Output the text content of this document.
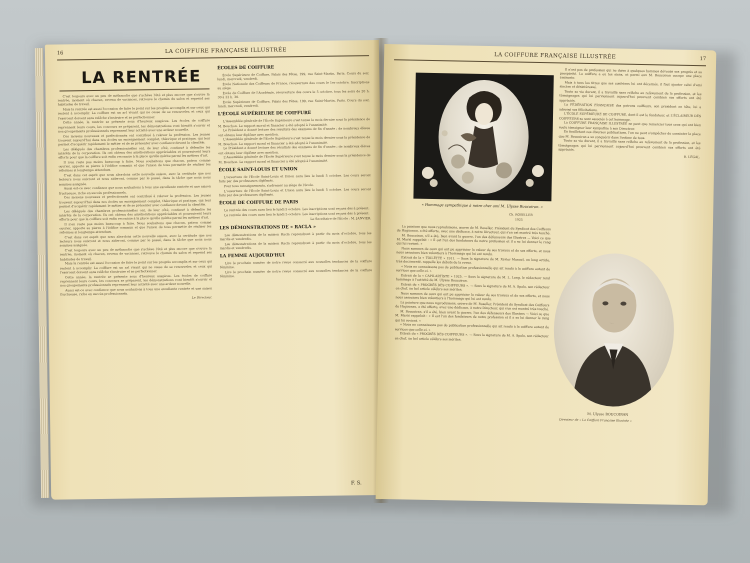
16	LA COIFFURE FRANÇAISE ILLUSTRÉE
LA RENTRÉE

C'est toujours avec un peu de mélancolie que s'achève l'été et plus encore que s'ouvre la rentrée, moment où chacun, revenu de vacances, retrouve le chemin du salon et reprend ses habitudes de travail.

Mais la rentrée est aussi l'occasion de faire le point sur les progrès accomplis et sur ceux qui restent à accomplir. La coiffure est un art vivant qui ne cesse de se renouveler, et ceux qui l'exercent doivent sans relâche s'instruire et se perfectionner.

Cette année, la rentrée se présente sous d'heureux auspices. Les écoles de coiffure reprennent leurs cours, les concours se préparent, les démonstrations vont bientôt s'ouvrir et nos groupements professionnels reprennent leur activité avec une ardeur nouvelle.

Ces moyens nouveaux et perfectionnés ont contribué à relever la profession. Les jeunes trouvent aujourd'hui dans nos écoles un enseignement complet, théorique et pratique, qui leur permet d'acquérir rapidement le métier et de se présenter avec confiance devant la clientèle.

Les délégués des chambres professionnelles ont, de leur côté, continué à défendre les intérêts de la corporation. Ils ont obtenu des améliorations appréciables et poursuivent leurs efforts pour que la coiffure soit enfin reconnue à la place qu'elle mérite parmi les métiers d'art.

Il n'en reste pas moins beaucoup à faire. Nous souhaitons que chacun, patron comme ouvrier, apporte sa pierre à l'édifice commun et que l'union de tous permette de réaliser les réformes si longtemps attendues.

C'est dans cet esprit que nous abordons cette nouvelle saison, avec la certitude que nos lecteurs nous suivront et nous aideront, comme par le passé, dans la tâche que nous nous sommes assignée.

Aussi est-ce avec confiance que nous souhaitons à tous une excellente rentrée et une saison fructueuse, riche en succès professionnels.

Ces moyens nouveaux et perfectionnés ont contribué à relever la profession. Les jeunes trouvent aujourd'hui dans nos écoles un enseignement complet, théorique et pratique, qui leur permet d'acquérir rapidement le métier et de se présenter avec confiance devant la clientèle.

Les délégués des chambres professionnelles ont, de leur côté, continué à défendre les intérêts de la corporation. Ils ont obtenu des améliorations appréciables et poursuivent leurs efforts pour que la coiffure soit enfin reconnue à la place qu'elle mérite parmi les métiers d'art.

Il n'en reste pas moins beaucoup à faire. Nous souhaitons que chacun, patron comme ouvrier, apporte sa pierre à l'édifice commun et que l'union de tous permette de réaliser les réformes si longtemps attendues.

C'est dans cet esprit que nous abordons cette nouvelle saison, avec la certitude que nos lecteurs nous suivront et nous aideront, comme par le passé, dans la tâche que nous nous sommes assignée.

C'est toujours avec un peu de mélancolie que s'achève l'été et plus encore que s'ouvre la rentrée, moment où chacun, revenu de vacances, retrouve le chemin du salon et reprend ses habitudes de travail.

Mais la rentrée est aussi l'occasion de faire le point sur les progrès accomplis et sur ceux qui restent à accomplir. La coiffure est un art vivant qui ne cesse de se renouveler, et ceux qui l'exercent doivent sans relâche s'instruire et se perfectionner.

Cette année, la rentrée se présente sous d'heureux auspices. Les écoles de coiffure reprennent leurs cours, les concours se préparent, les démonstrations vont bientôt s'ouvrir et nos groupements professionnels reprennent leur activité avec une ardeur nouvelle.

Aussi est-ce avec confiance que nous souhaitons à tous une excellente rentrée et une saison fructueuse, riche en succès professionnels.

Le Directeur.

ÉCOLES DE COIFFURE

École Supérieure de Coiffure, Palais des Fêtes, 199, rue Saint-Martin, Paris. Cours du soir, lundi, mercredi, vendredi.

École Nationale des Coiffeurs de France, réouverture des cours le 1er octobre. Inscriptions au siège.

École de Coiffure de l'Académie, réouverture des cours le 5 octobre, tous les soirs de 20 h. 30 à 22 h. 30.

École Supérieure de Coiffure, Palais des Fêtes, 199, rue Saint-Martin, Paris. Cours du soir, lundi, mercredi, vendredi.

L'ÉCOLE SUPÉRIEURE DE COIFFURE

L'Assemblée générale de l'École Supérieure s'est tenue le mois dernier sous la présidence de M. Bouchon. Le rapport moral et financier a été adopté à l'unanimité.

Le Président a donné lecture des résultats des examens de fin d'année ; de nombreux élèves ont obtenu leur diplôme avec mention.

L'Assemblée générale de l'École Supérieure s'est tenue le mois dernier sous la présidence de M. Bouchon. Le rapport moral et financier a été adopté à l'unanimité.

Le Président a donné lecture des résultats des examens de fin d'année ; de nombreux élèves ont obtenu leur diplôme avec mention.

L'Assemblée générale de l'École Supérieure s'est tenue le mois dernier sous la présidence de M. Bouchon. Le rapport moral et financier a été adopté à l'unanimité.

ÉCOLE SAINT-LOUIS ET UNION

L'ouverture de l'École Saint-Louis et Union aura lieu le lundi 5 octobre. Les cours seront faits par des professeurs diplômés.

Pour tous renseignements, s'adresser au siège de l'école.

L'ouverture de l'École Saint-Louis et Union aura lieu le lundi 5 octobre. Les cours seront faits par des professeurs diplômés.

ÉCOLE DE COIFFURE DE PARIS

La rentrée des cours aura lieu le lundi 5 octobre. Les inscriptions sont reçues dès à présent.

La rentrée des cours aura lieu le lundi 5 octobre. Les inscriptions sont reçues dès à présent.

Le Secrétaire de l'École : M. JANVIER.

LES DÉMONSTRATIONS DE « RACLA »

Les démonstrations de la maison Racla reprendront à partir du mois d'octobre, tous les mardis et vendredis.

Les démonstrations de la maison Racla reprendront à partir du mois d'octobre, tous les mardis et vendredis.

LA FEMME AUJOURD'HUI

Lire le prochain numéro de notre revue consacré aux nouvelles tendances de la coiffure féminine.

Lire le prochain numéro de notre revue consacré aux nouvelles tendances de la coiffure féminine.

F. S.
LA COIFFURE FRANÇAISE ILLUSTRÉE	17
« Hommage sympathique à notre cher ami M. Ulysse Boucoiran. »
Ch. ROSELLER
1925

La peinture que nous reproduisons, œuvre de M. Roseller, Président du Syndicat des Coiffeurs de Haguenau, a été offerte, avec une dédicace, à notre Directeur, qui s'en est montré très touché.

M. Boucoiran, s'il a été, bien avant la guerre, l'un des défenseurs des Illustres — Voici ce que M. Marié rappelait : « Il est l'un des fondateurs de notre profession et il a su lui donner le rang qui lui revient. »

Nous sommes de ceux qui ont pu apprécier la valeur de ses travaux et de ses efforts, et nous nous associons bien volontiers à l'hommage qui lui est rendu.

Extrait de la « TOILETTE » 1911. — Sous la signature de M. Xavier Manuel, un long article, très documenté, rappelle les débuts de la revue.

« Nous ne connaissons pas de publication professionnelle qui ait rendu à la coiffure autant de services que celle-ci. »

Extrait de la « CAPILARTISTE » 1925. — Sous la signature de M. L. Long, le rédacteur rend hommage à l'activité de M. Ulysse Boucoiran.

Extrait du « PROGRÈS DES COIFFEURS ». — Sous la signature de M. A. Spala, son rédacteur en chef, un bel article célèbre ses mérites.

Nous sommes de ceux qui ont pu apprécier la valeur de ses travaux et de ses efforts, et nous nous associons bien volontiers à l'hommage qui lui est rendu.

La peinture que nous reproduisons, œuvre de M. Roseller, Président du Syndicat des Coiffeurs de Haguenau, a été offerte, avec une dédicace, à notre Directeur, qui s'en est montré très touché.

M. Boucoiran, s'il a été, bien avant la guerre, l'un des défenseurs des Illustres — Voici ce que M. Marié rappelait : « Il est l'un des fondateurs de notre profession et il a su lui donner le rang qui lui revient. »

« Nous ne connaissons pas de publication professionnelle qui ait rendu à la coiffure autant de services que celle-ci. »

Extrait du « PROGRÈS DES COIFFEURS ». — Sous la signature de M. A. Spala, son rédacteur en chef, un bel article célèbre ses mérites.

Il n'est pas de profession qui ne doive à quelques hommes dévoués ses progrès et sa prospérité. La coiffure a eu les siens, et parmi eux M. Boucoiran occupe une place éminente.

Mais à tous les titres que ses confrères lui ont décernés, il faut ajouter celui d'ami sincère et désintéressé.

Toute sa vie durant, il a travaillé sans relâche au relèvement de la profession, et les témoignages qui lui parviennent aujourd'hui prouvent combien ses efforts ont été appréciés.

La FÉDÉRATION FRANÇAISE des patrons coiffeurs, son président en tête, lui a adressé ses félicitations.

L'ÉCOLE SUPÉRIEURE DE COIFFURE, dont il est le fondateur, et L'ÉCLAIREUR DES COIFFEURS se sont associés à cet hommage.

La COIFFURE FRANÇAISE ILLUSTRÉE ne peut que remercier tous ceux qui ont bien voulu témoigner leur sympathie à son Directeur.

En feuilletant ces diverses publications, l'on ne peut s'empêcher de constater la place que M. Boucoiran a su conquérir dans l'estime de tous.

Toute sa vie durant, il a travaillé sans relâche au relèvement de la profession, et les témoignages qui lui parviennent aujourd'hui prouvent combien ses efforts ont été appréciés.

R. LEGAL.

M. Ulysse BOUCOIRAN
Directeur de « La Coiffure Française Illustrée »
